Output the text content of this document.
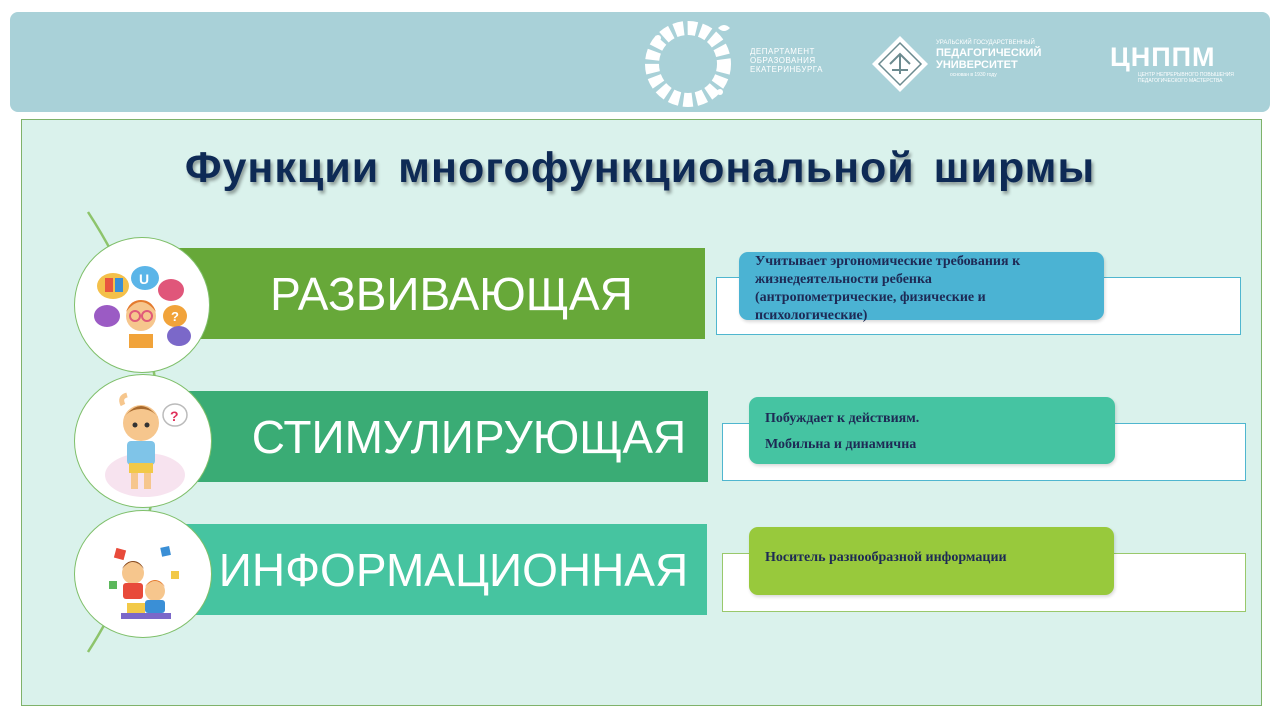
ДЕПАРТАМЕНТ
ОБРАЗОВАНИЯ
ЕКАТЕРИНБУРГА
УРАЛЬСКИЙ ГОСУДАРСТВЕННЫЙ
ПЕДАГОГИЧЕСКИЙ
УНИВЕРСИТЕТ
основан в 1930 году
ЦНППМ
ЦЕНТР НЕПРЕРЫВНОГО ПОВЫШЕНИЯ
ПЕДАГОГИЧЕСКОГО МАСТЕРСТВА
Функции многофункциональной ширмы
РАЗВИВАЮЩАЯ
U
?
Учитывает эргономические требования к
жизнедеятельности ребенка
(антропометрические, физические и
психологические)
СТИМУЛИРУЮЩАЯ
?	Побуждает к действиям.
Мобильна и динамична
ИНФОРМАЦИОННАЯ	Носитель разнообразной информации
